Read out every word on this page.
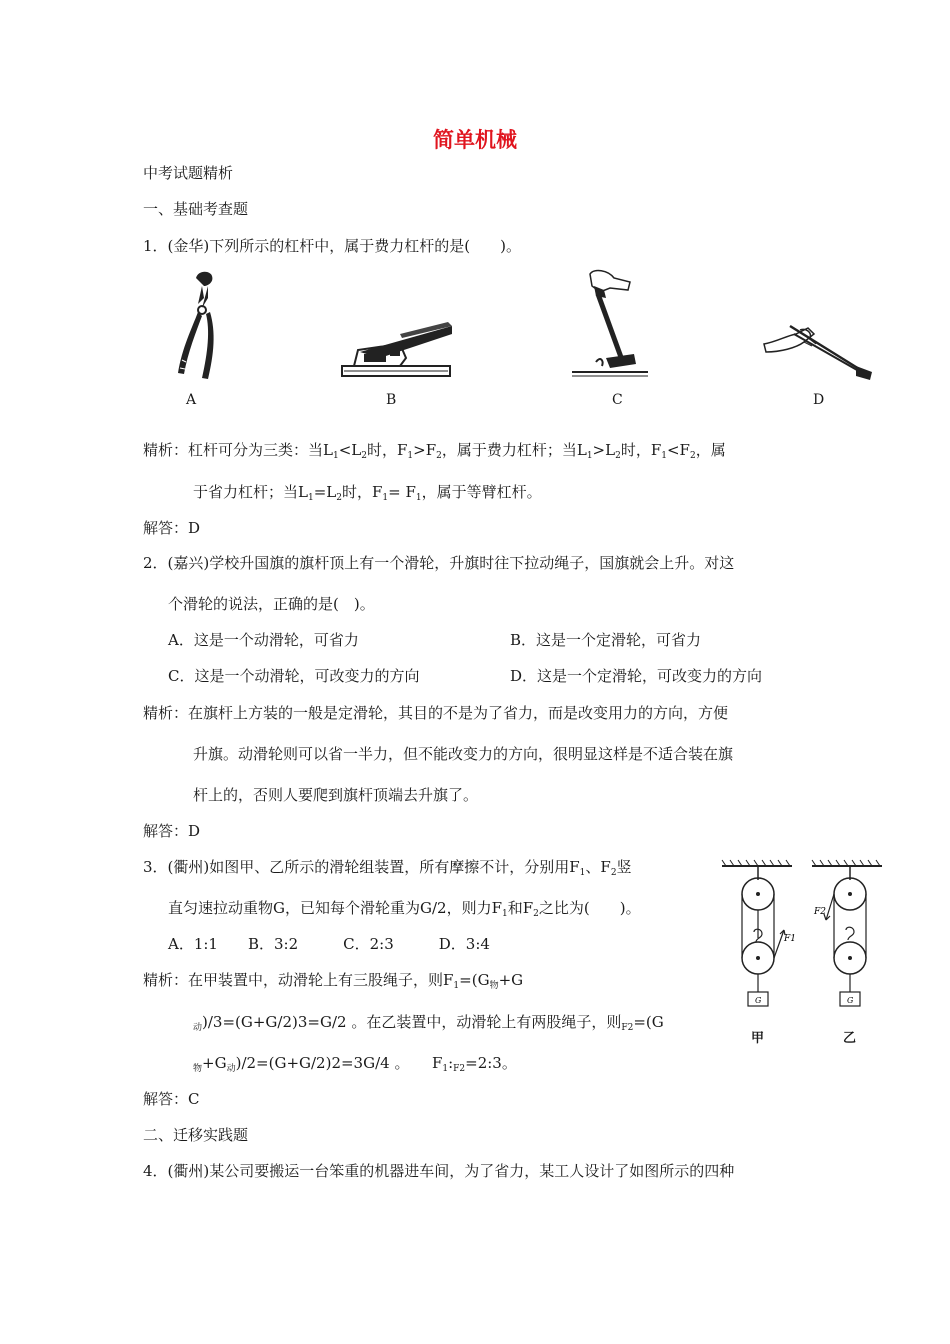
简单机械
中考试题精析
一、基础考查题
1．(金华)下列所示的杠杆中，属于费力杠杆的是(　　)。
A	B	C	D
精析：杠杆可分为三类：当$L_1<L_2$时，$F_1>F_2$，属于费力杠杆；当$L_1>L_2$时，$F_1<F_2$，属
于省力杠杆；当$L_1=L_2$时，$F_1= F_1$，属于等臂杠杆。
解答：D
2．(嘉兴)学校升国旗的旗杆顶上有一个滑轮，升旗时往下拉动绳子，国旗就会上升。对这
个滑轮的说法，正确的是(　)。
A．这是一个动滑轮，可省力	B．这是一个定滑轮，可省力
C．这是一个动滑轮，可改变力的方向	D．这是一个定滑轮，可改变力的方向
精析：在旗杆上方装的一般是定滑轮，其目的不是为了省力，而是改变用力的方向，方便
升旗。动滑轮则可以省一半力，但不能改变力的方向，很明显这样是不适合装在旗
杆上的，否则人要爬到旗杆顶端去升旗了。
解答：D
3．(衢州)如图甲、乙所示的滑轮组装置，所有摩擦不计，分别用$F_1$、$F_2$竖
直匀速拉动重物G，已知每个滑轮重为G/2，则力$F_1$和$F_2$之比为(　　)。
A．1:1　　B．3:2　　　C．2:3　　　D．3:4
精析：在甲装置中，动滑轮上有三股绳子，则$F_1=(G_物+G$
$_动$)/3=(G+G/2)3=G/2 。在乙装置中，动滑轮上有两股绳子，则$_{F2}$=(G
$_物+G_动)/2=(G+G/2)2=3G/4$ 。　　$F_1:_{F2}=2:3$。
解答：C
G
F1
甲
G
F2
乙
二、迁移实践题
4．(衢州)某公司要搬运一台笨重的机器进车间，为了省力，某工人设计了如图所示的四种
